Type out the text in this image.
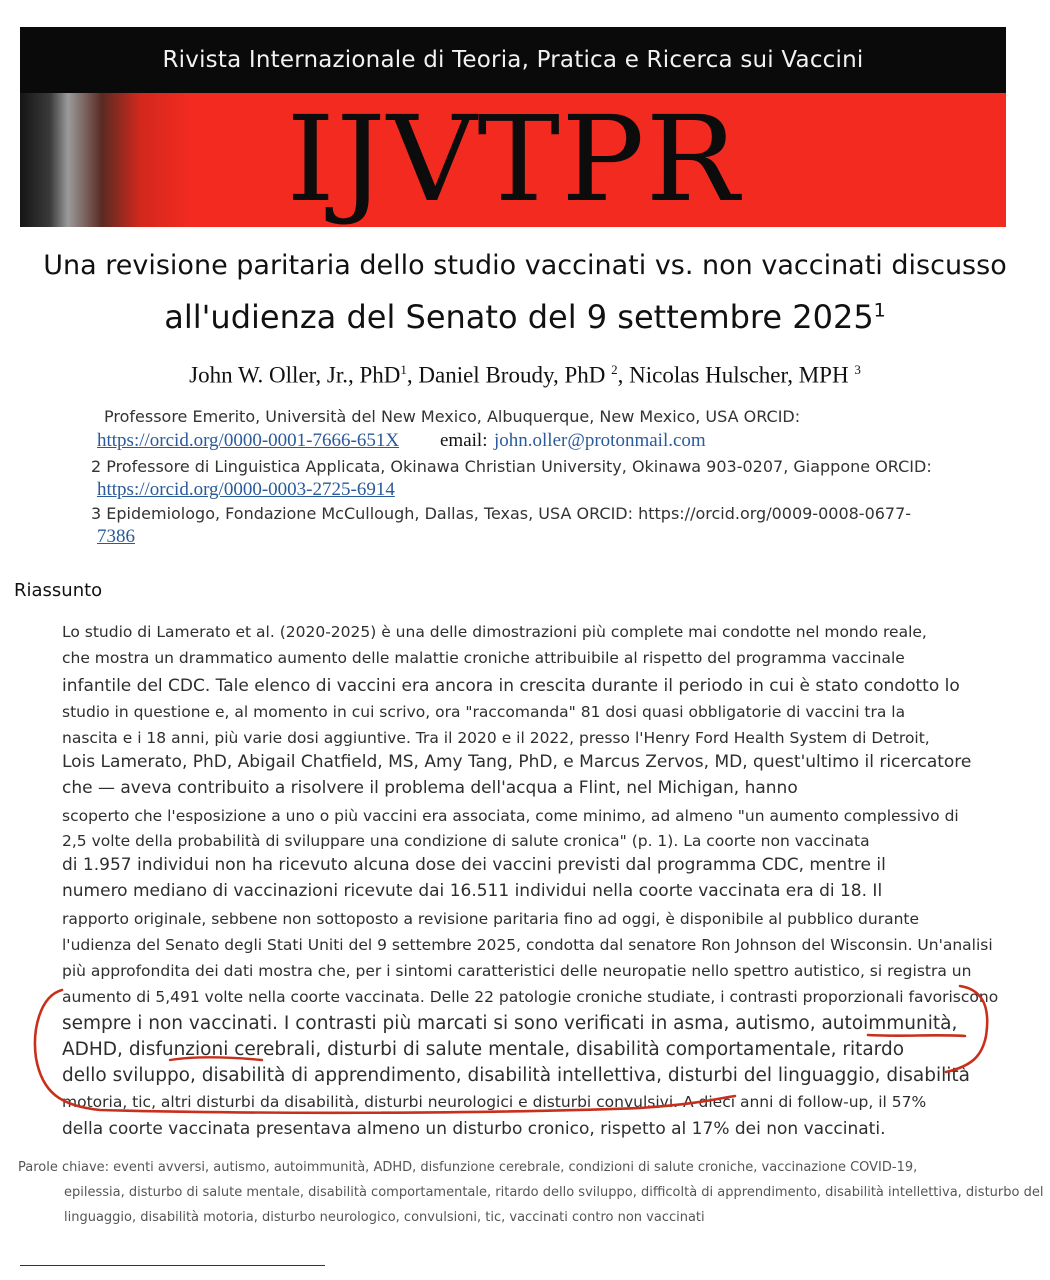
Rivista Internazionale di Teoria, Pratica e Ricerca sui Vaccini
IJVTPR
Una revisione paritaria dello studio vaccinati vs. non vaccinati discusso
all'udienza del Senato del 9 settembre 2025$^1$
John W. Oller, Jr., PhD$^1$, Daniel Broudy, PhD $^2$, Nicolas Hulscher, MPH $^3$
Professore Emerito, Università del New Mexico, Albuquerque, New Mexico, USA ORCID:
https://orcid.org/0000-0001-7666-651X email: john.oller@protonmail.com
2 Professore di Linguistica Applicata, Okinawa Christian University, Okinawa 903-0207, Giappone ORCID:
https://orcid.org/0000-0003-2725-6914
3 Epidemiologo, Fondazione McCullough, Dallas, Texas, USA ORCID: https://orcid.org/0009-0008-0677-
7386
Riassunto
Lo studio di Lamerato et al. (2020-2025) è una delle dimostrazioni più complete mai condotte nel mondo reale,
che mostra un drammatico aumento delle malattie croniche attribuibile al rispetto del programma vaccinale
infantile del CDC. Tale elenco di vaccini era ancora in crescita durante il periodo in cui è stato condotto lo
studio in questione e, al momento in cui scrivo, ora "raccomanda" 81 dosi quasi obbligatorie di vaccini tra la
nascita e i 18 anni, più varie dosi aggiuntive. Tra il 2020 e il 2022, presso l'Henry Ford Health System di Detroit,
Lois Lamerato, PhD, Abigail Chatfield, MS, Amy Tang, PhD, e Marcus Zervos, MD, quest'ultimo il ricercatore
che — aveva contribuito a risolvere il problema dell'acqua a Flint, nel Michigan, hanno
scoperto che l'esposizione a uno o più vaccini era associata, come minimo, ad almeno "un aumento complessivo di
2,5 volte della probabilità di sviluppare una condizione di salute cronica" (p. 1). La coorte non vaccinata
di 1.957 individui non ha ricevuto alcuna dose dei vaccini previsti dal programma CDC, mentre il
numero mediano di vaccinazioni ricevute dai 16.511 individui nella coorte vaccinata era di 18. Il
rapporto originale, sebbene non sottoposto a revisione paritaria fino ad oggi, è disponibile al pubblico durante
l'udienza del Senato degli Stati Uniti del 9 settembre 2025, condotta dal senatore Ron Johnson del Wisconsin. Un'analisi
più approfondita dei dati mostra che, per i sintomi caratteristici delle neuropatie nello spettro autistico, si registra un
aumento di 5,491 volte nella coorte vaccinata. Delle 22 patologie croniche studiate, i contrasti proporzionali favoriscono
sempre i non vaccinati. I contrasti più marcati si sono verificati in asma, autismo, autoimmunità,
ADHD, disfunzioni cerebrali, disturbi di salute mentale, disabilità comportamentale, ritardo
dello sviluppo, disabilità di apprendimento, disabilità intellettiva, disturbi del linguaggio, disabilità
motoria, tic, altri disturbi da disabilità, disturbi neurologici e disturbi convulsivi. A dieci anni di follow-up, il 57%
della coorte vaccinata presentava almeno un disturbo cronico, rispetto al 17% dei non vaccinati.
Parole chiave: eventi avversi, autismo, autoimmunità, ADHD, disfunzione cerebrale, condizioni di salute croniche, vaccinazione COVID-19,
epilessia, disturbo di salute mentale, disabilità comportamentale, ritardo dello sviluppo, difficoltà di apprendimento, disabilità intellettiva, disturbo del
linguaggio, disabilità motoria, disturbo neurologico, convulsioni, tic, vaccinati contro non vaccinati
